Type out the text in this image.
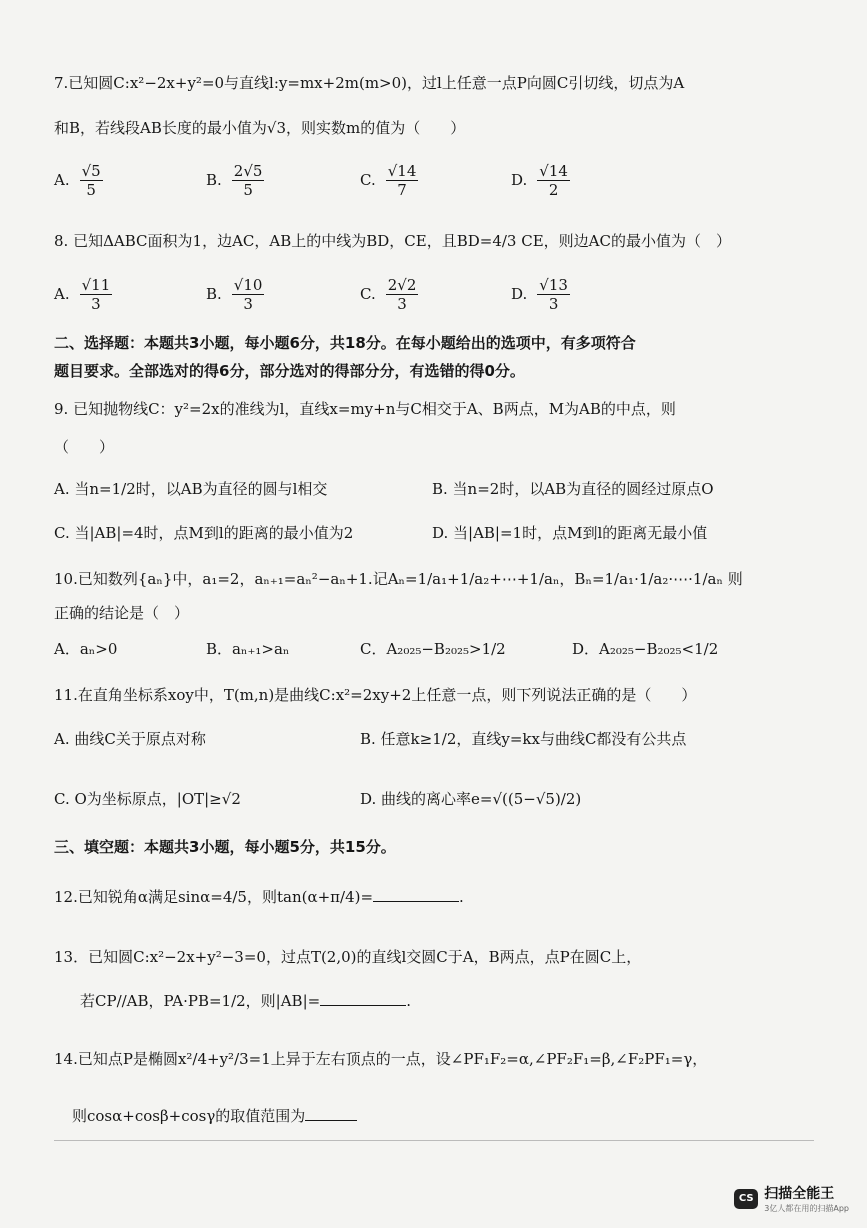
7.已知圆C:x²−2x+y²=0与直线l:y=mx+2m(m>0)，过l上任意一点P向圆C引切线，切点为A
和B，若线段AB长度的最小值为√3，则实数m的值为（　　）
A. $\frac{√5}{5}$	B. $\frac{2√5}{5}$	C. $\frac{√14}{7}$	D. $\frac{√14}{2}$
8. 已知ΔABC面积为1，边AC，AB上的中线为BD，CE，且BD=4/3 CE，则边AC的最小值为（　）
A. $\frac{√11}{3}$	B. $\frac{√10}{3}$	C. $\frac{2√2}{3}$	D. $\frac{√13}{3}$
二、选择题：本题共3小题，每小题6分，共18分。在每小题给出的选项中，有多项符合
题目要求。全部选对的得6分，部分选对的得部分分，有选错的得0分。
9. 已知抛物线C：y²=2x的准线为l，直线x=my+n与C相交于A、B两点，M为AB的中点，则
（　　）
A. 当n=1/2时，以AB为直径的圆与l相交	B. 当n=2时，以AB为直径的圆经过原点O
C. 当|AB|=4时，点M到l的距离的最小值为2	D. 当|AB|=1时，点M到l的距离无最小值
10.已知数列{aₙ}中，a₁=2，aₙ₊₁=aₙ²−aₙ+1.记Aₙ=1/a₁+1/a₂+⋯+1/aₙ，Bₙ=1/a₁·1/a₂·⋯·1/aₙ 则
正确的结论是（　）
A．aₙ>0	B．aₙ₊₁>aₙ	C．A₂₀₂₅−B₂₀₂₅>1/2	D．A₂₀₂₅−B₂₀₂₅<1/2
11.在直角坐标系xoy中，T(m,n)是曲线C:x²=2xy+2上任意一点，则下列说法正确的是（　　）
A. 曲线C关于原点对称	B. 任意k≥1/2，直线y=kx与曲线C都没有公共点
C. O为坐标原点，|OT|≥√2	D. 曲线的离心率e=√((5−√5)/2)
三、填空题：本题共3小题，每小题5分，共15分。
12.已知锐角α满足sinα=4/5，则tan(α+π/4)=	.
13．已知圆C:x²−2x+y²−3=0，过点T(2,0)的直线l交圆C于A，B两点，点P在圆C上，
若CP//AB，PA·PB=1/2，则|AB|=	.
14.已知点P是椭圆x²/4+y²/3=1上异于左右顶点的一点，设∠PF₁F₂=α,∠PF₂F₁=β,∠F₂PF₁=γ，
则cosα+cosβ+cosγ的取值范围为
CS 扫描全能王
3亿人都在用的扫描App
